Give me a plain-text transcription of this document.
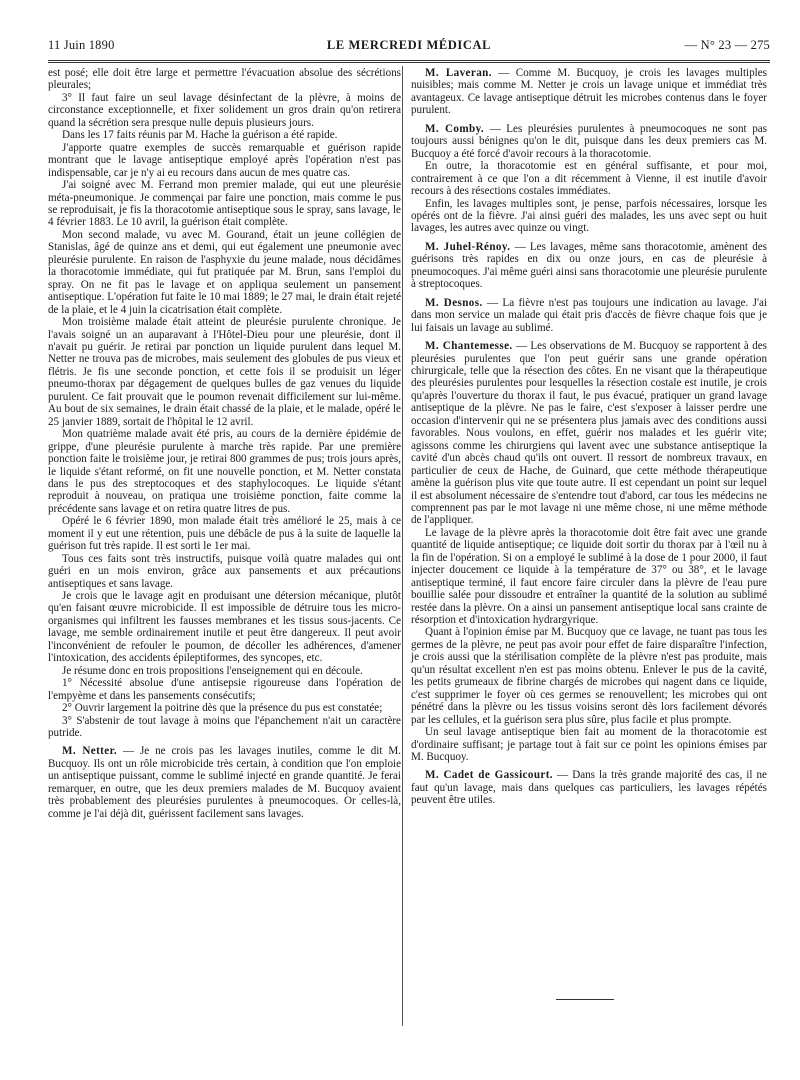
11 Juin 1890	LE MERCREDI MÉDICAL	— N° 23 — 275

est posé; elle doit être large et permettre l'évacuation absolue des sécrétions pleurales;

3° Il faut faire un seul lavage désinfectant de la plèvre, à moins de circonstance exceptionnelle, et fixer solidement un gros drain qu'on retirera quand la sécrétion sera presque nulle depuis plusieurs jours.

Dans les 17 faits réunis par M. Hache la guérison a été rapide.

J'apporte quatre exemples de succès remarquable et guérison rapide montrant que le lavage antiseptique employé après l'opération n'est pas indispensable, car je n'y ai eu recours dans aucun de mes quatre cas.

J'ai soigné avec M. Ferrand mon premier malade, qui eut une pleurésie méta-pneumonique. Je commençai par faire une ponction, mais comme le pus se reproduisait, je fis la thoracotomie antiseptique sous le spray, sans lavage, le 4 février 1883. Le 10 avril, la guérison était complète.

Mon second malade, vu avec M. Gourand, était un jeune collégien de Stanislas, âgé de quinze ans et demi, qui eut également une pneumonie avec pleurésie purulente. En raison de l'asphyxie du jeune malade, nous décidâmes la thoracotomie immédiate, qui fut pratiquée par M. Brun, sans l'emploi du spray. On ne fit pas le lavage et on appliqua seulement un pansement antiseptique. L'opération fut faite le 10 mai 1889; le 27 mai, le drain était rejeté de la plaie, et le 4 juin la cicatrisation était complète.

Mon troisième malade était atteint de pleurésie purulente chronique. Je l'avais soigné un an auparavant à l'Hôtel-Dieu pour une pleurésie, dont il n'avait pu guérir. Je retirai par ponction un liquide purulent dans lequel M. Netter ne trouva pas de microbes, mais seulement des globules de pus vieux et flétris. Je fis une seconde ponction, et cette fois il se produisit un léger pneumo-thorax par dégagement de quelques bulles de gaz venues du liquide purulent. Ce fait prouvait que le poumon revenait difficilement sur lui-même. Au bout de six semaines, le drain était chassé de la plaie, et le malade, opéré le 25 janvier 1889, sortait de l'hôpital le 12 avril.

Mon quatrième malade avait été pris, au cours de la dernière épidémie de grippe, d'une pleurésie purulente à marche très rapide. Par une première ponction faite le troisième jour, je retirai 800 grammes de pus; trois jours après, le liquide s'étant reformé, on fit une nouvelle ponction, et M. Netter constata dans le pus des streptocoques et des staphylocoques. Le liquide s'étant reproduit à nouveau, on pratiqua une troisième ponction, faite comme la précédente sans lavage et on retira quatre litres de pus.

Opéré le 6 février 1890, mon malade était très amélioré le 25, mais à ce moment il y eut une rétention, puis une débâcle de pus à la suite de laquelle la guérison fut très rapide. Il est sorti le 1er mai.

Tous ces faits sont très instructifs, puisque voilà quatre malades qui ont guéri en un mois environ, grâce aux pansements et aux précautions antiseptiques et sans lavage.

Je crois que le lavage agit en produisant une détersion mécanique, plutôt qu'en faisant œuvre microbicide. Il est impossible de détruire tous les micro-organismes qui infiltrent les fausses membranes et les tissus sous-jacents. Ce lavage, me semble ordinairement inutile et peut être dangereux. Il peut avoir l'inconvénient de refouler le poumon, de décoller les adhérences, d'amener l'intoxication, des accidents épileptiformes, des syncopes, etc.

Je résume donc en trois propositions l'enseignement qui en découle.

1° Nécessité absolue d'une antisepsie rigoureuse dans l'opération de l'empyème et dans les pansements consécutifs;

2° Ouvrir largement la poitrine dès que la présence du pus est constatée;

3° S'abstenir de tout lavage à moins que l'épanchement n'ait un caractère putride.

M. Netter. — Je ne crois pas les lavages inutiles, comme le dit M. Bucquoy. Ils ont un rôle microbicide très certain, à condition que l'on emploie un antiseptique puissant, comme le sublimé injecté en grande quantité. Je ferai remarquer, en outre, que les deux premiers malades de M. Bucquoy avaient très probablement des pleurésies purulentes à pneumocoques. Or celles-là, comme je l'ai déjà dit, guérissent facilement sans lavages.

M. Laveran. — Comme M. Bucquoy, je crois les lavages multiples nuisibles; mais comme M. Netter je crois un lavage unique et immédiat très avantageux. Ce lavage antiseptique détruit les microbes contenus dans le foyer purulent.

M. Comby. — Les pleurésies purulentes à pneumocoques ne sont pas toujours aussi bénignes qu'on le dit, puisque dans les deux premiers cas M. Bucquoy a été forcé d'avoir recours à la thoracotomie.

En outre, la thoracotomie est en général suffisante, et pour moi, contrairement à ce que l'on a dit récemment à Vienne, il est inutile d'avoir recours à des résections costales immédiates.

Enfin, les lavages multiples sont, je pense, parfois nécessaires, lorsque les opérés ont de la fièvre. J'ai ainsi guéri des malades, les uns avec sept ou huit lavages, les autres avec quinze ou vingt.

M. Juhel-Rénoy. — Les lavages, même sans thoracotomie, amènent des guérisons très rapides en dix ou onze jours, en cas de pleurésie à pneumocoques. J'ai même guéri ainsi sans thoracotomie une pleurésie purulente à streptocoques.

M. Desnos. — La fièvre n'est pas toujours une indication au lavage. J'ai dans mon service un malade qui était pris d'accès de fièvre chaque fois que je lui faisais un lavage au sublimé.

M. Chantemesse. — Les observations de M. Bucquoy se rapportent à des pleurésies purulentes que l'on peut guérir sans une grande opération chirurgicale, telle que la résection des côtes. En ne visant que la thérapeutique des pleurésies purulentes pour lesquelles la résection costale est inutile, je crois qu'après l'ouverture du thorax il faut, le pus évacué, pratiquer un grand lavage antiseptique de la plèvre. Ne pas le faire, c'est s'exposer à laisser perdre une occasion d'intervenir qui ne se présentera plus jamais avec des conditions aussi favorables. Nous voulons, en effet, guérir nos malades et les guérir vite; agissons comme les chirurgiens qui lavent avec une substance antiseptique la cavité d'un abcès chaud qu'ils ont ouvert. Il ressort de nombreux travaux, en particulier de ceux de Hache, de Guinard, que cette méthode thérapeutique amène la guérison plus vite que toute autre. Il est cependant un point sur lequel il est absolument nécessaire de s'entendre tout d'abord, car tous les médecins ne comprennent pas par le mot lavage ni une même chose, ni une même méthode de l'appliquer.

Le lavage de la plèvre après la thoracotomie doit être fait avec une grande quantité de liquide antiseptique; ce liquide doit sortir du thorax par à l'œil nu à la fin de l'opération. Si on a employé le sublimé à la dose de 1 pour 2000, il faut injecter doucement ce liquide à la température de 37° ou 38°, et le lavage antiseptique terminé, il faut encore faire circuler dans la plèvre de l'eau pure bouillie salée pour dissoudre et entraîner la quantité de la solution au sublimé restée dans la plèvre. On a ainsi un pansement antiseptique local sans crainte de résorption et d'intoxication hydrargyrique.

Quant à l'opinion émise par M. Bucquoy que ce lavage, ne tuant pas tous les germes de la plèvre, ne peut pas avoir pour effet de faire disparaître l'infection, je crois aussi que la stérilisation complète de la plèvre n'est pas produite, mais qu'un résultat excellent n'en est pas moins obtenu. Enlever le pus de la cavité, les petits grumeaux de fibrine chargés de microbes qui nagent dans ce liquide, c'est supprimer le foyer où ces germes se renouvellent; les microbes qui ont pénétré dans la plèvre ou les tissus voisins seront dès lors facilement dévorés par les cellules, et la guérison sera plus sûre, plus facile et plus prompte.

Un seul lavage antiseptique bien fait au moment de la thoracotomie est d'ordinaire suffisant; je partage tout à fait sur ce point les opinions émises par M. Bucquoy.

M. Cadet de Gassicourt. — Dans la très grande majorité des cas, il ne faut qu'un lavage, mais dans quelques cas particuliers, les lavages répétés peuvent être utiles.
